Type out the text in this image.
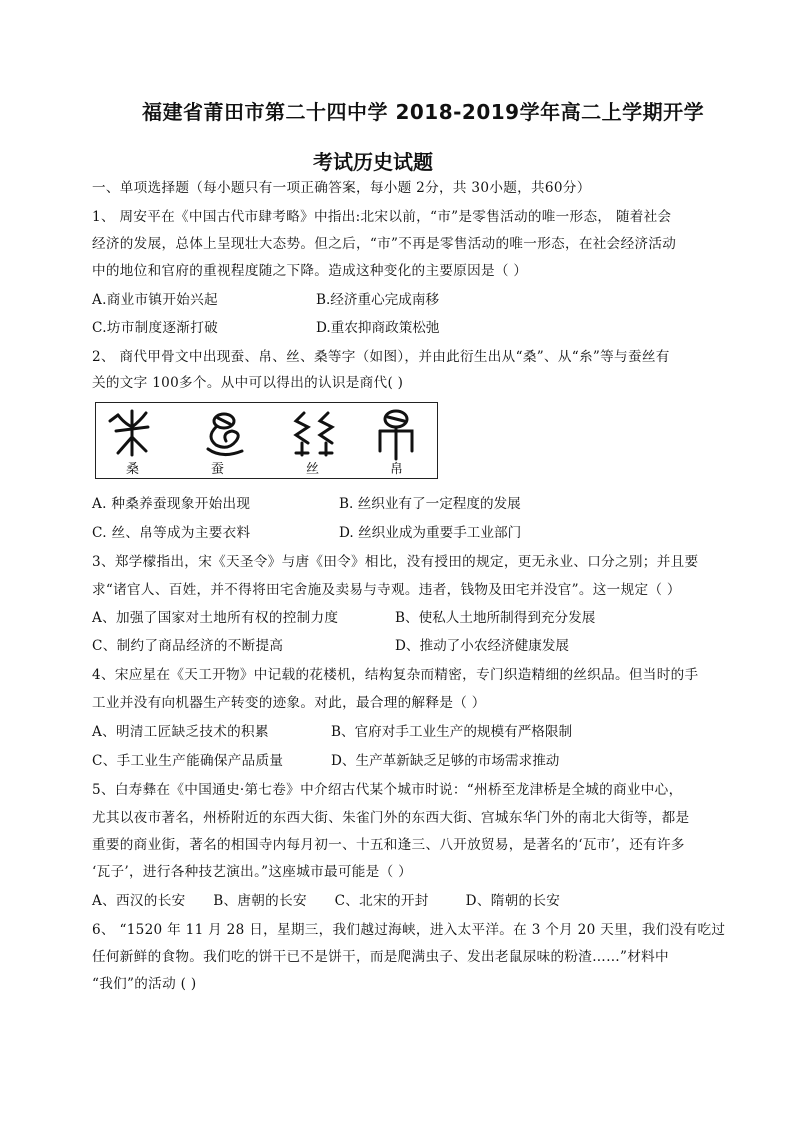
福建省莆田市第二十四中学 2018-2019学年高二上学期开学
考试历史试题
一、单项选择题（每小题只有一项正确答案，每小题 2分，共 30小题，共60分）
1、 周安平在《中国古代市肆考略》中指出:北宋以前，“市”是零售活动的唯一形态， 随着社会
经济的发展，总体上呈现壮大态势。但之后，“市”不再是零售活动的唯一形态，在社会经济活动
中的地位和官府的重视程度随之下降。造成这种变化的主要原因是（ ）
A.商业市镇开始兴起	B.经济重心完成南移
C.坊市制度逐渐打破	D.重农抑商政策松弛
2、 商代甲骨文中出现蚕、帛、丝、桑等字（如图），并由此衍生出从“桑”、从“糸”等与蚕丝有
关的文字 100多个。从中可以得出的认识是商代( )
桑	蚕	丝	帛
A. 种桑养蚕现象开始出现	B. 丝织业有了一定程度的发展
C. 丝、帛等成为主要衣料	D. 丝织业成为重要手工业部门
3、郑学檬指出，宋《天圣令》与唐《田令》相比，没有授田的规定，更无永业、口分之别；并且要
求“诸官人、百姓，并不得将田宅舍施及卖易与寺观。违者，钱物及田宅并没官”。这一规定（ ）
A、加强了国家对土地所有权的控制力度	B、使私人土地所制得到充分发展
C、制约了商品经济的不断提高	D、推动了小农经济健康发展
4、宋应星在《天工开物》中记载的花楼机，结构复杂而精密，专门织造精细的丝织品。但当时的手
工业并没有向机器生产转变的迹象。对此，最合理的解释是（ ）
A、明清工匠缺乏技术的积累	B、官府对手工业生产的规模有严格限制
C、手工业生产能确保产品质量	D、生产革新缺乏足够的市场需求推动
5、白寿彝在《中国通史·第七卷》中介绍古代某个城市时说：“州桥至龙津桥是全城的商业中心，
尤其以夜市著名，州桥附近的东西大街、朱雀门外的东西大街、宫城东华门外的南北大街等，都是
重要的商业街，著名的相国寺内每月初一、十五和逢三、八开放贸易，是著名的‘瓦市’，还有许多
‘瓦子’，进行各种技艺演出。”这座城市最可能是（ ）
A、西汉的长安      B、唐朝的长安      C、北宋的开封        D、隋朝的长安
6、 “1520 年 11 月 28 日，星期三，我们越过海峡，进入太平洋。在 3 个月 20 天里，我们没有吃过
任何新鲜的食物。我们吃的饼干已不是饼干，而是爬满虫子、发出老鼠尿味的粉渣……”材料中
“我们”的活动 ( )
